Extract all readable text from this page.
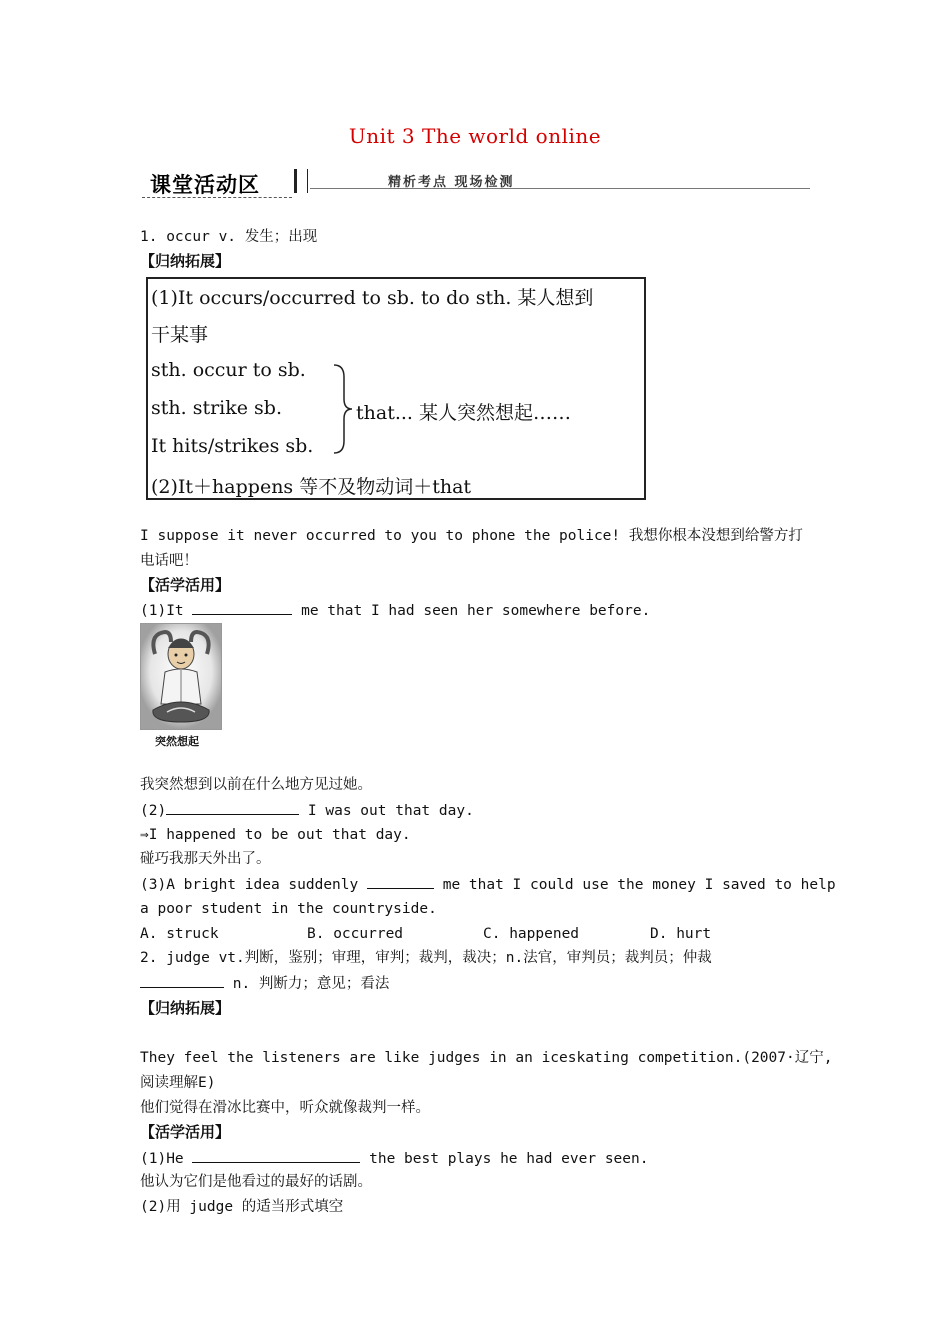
Unit 3 The world online
课堂活动区	精析考点 现场检测
1. occur v. 发生；出现
【归纳拓展】
(1)It occurs/occurred to sb. to do sth. 某人想到
干某事
sth. occur to sb.
sth. strike sb.
It hits/strikes sb.
that... 某人突然想起……
(2)It＋happens 等不及物动词＋that
I suppose it never occurred to you to phone the police! 我想你根本没想到给警方打
电话吧！
【活学活用】
(1)It	me that I had seen her somewhere before.
突然想起
我突然想到以前在什么地方见过她。
(2)	I was out that day.
⇒I happened to be out that day.
碰巧我那天外出了。
(3)A bright idea suddenly	me that I could use the money I saved to help
a poor student in the countryside.
A. struck	B. occurred	C. happened	D. hurt
2. judge vt.判断，鉴别；审理，审判；裁判，裁决；n.法官，审判员；裁判员；仲裁
n. 判断力；意见；看法
【归纳拓展】
They feel the listeners are like judges in an iceskating competition.(2007·辽宁,
阅读理解E)
他们觉得在滑冰比赛中，听众就像裁判一样。
【活学活用】
(1)He	the best plays he had ever seen.
他认为它们是他看过的最好的话剧。
(2)用 judge 的适当形式填空
